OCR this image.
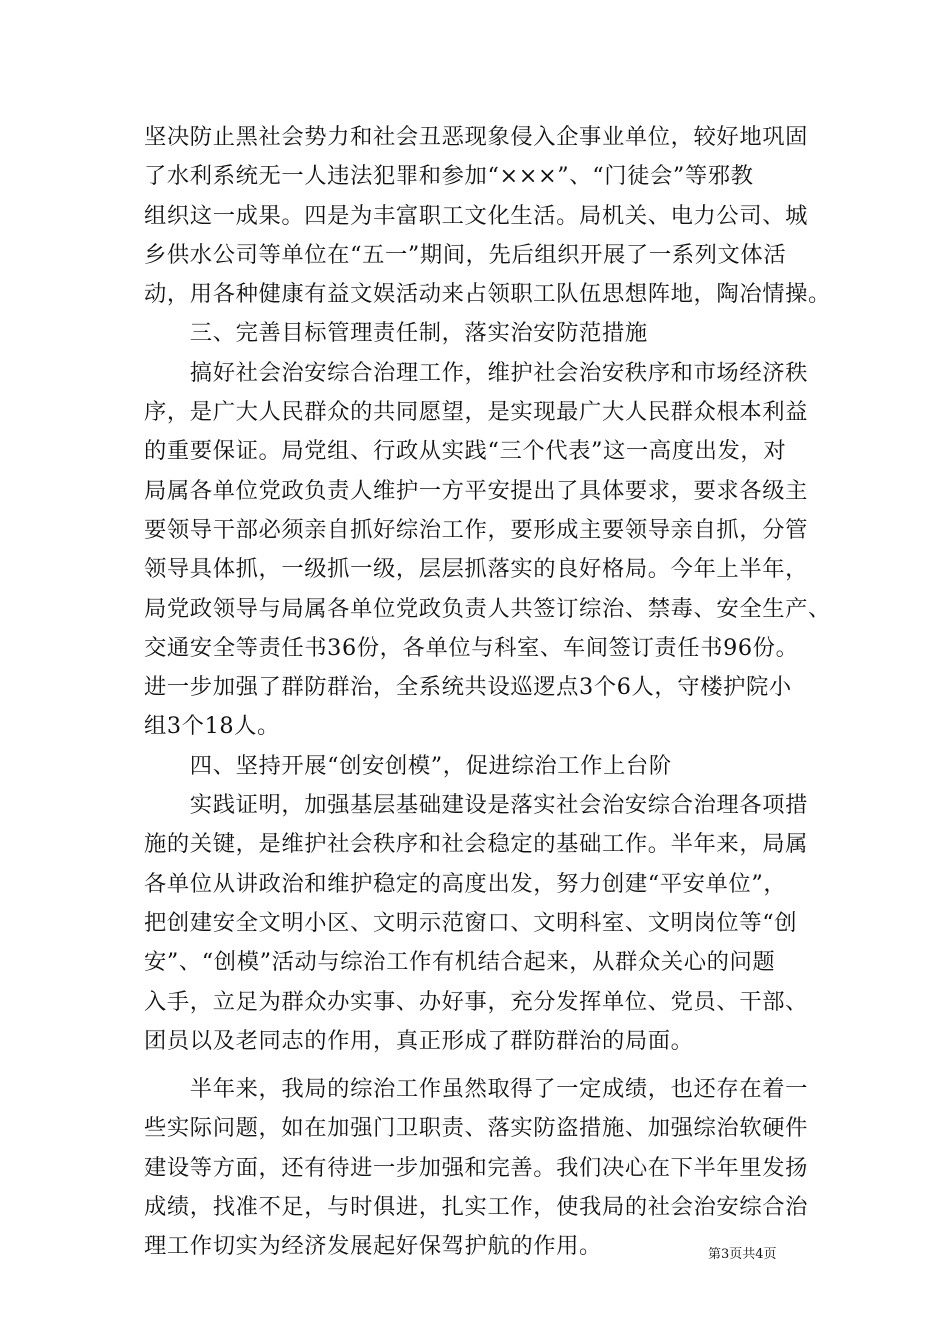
坚决防止黑社会势力和社会丑恶现象侵入企事业单位，较好地巩固
了水利系统无一人违法犯罪和参加“×××”、“门徒会”等邪教
组织这一成果。四是为丰富职工文化生活。局机关、电力公司、城
乡供水公司等单位在“五一”期间，先后组织开展了一系列文体活
动，用各种健康有益文娱活动来占领职工队伍思想阵地，陶冶情操。
　　三、完善目标管理责任制，落实治安防范措施
　　搞好社会治安综合治理工作，维护社会治安秩序和市场经济秩
序，是广大人民群众的共同愿望，是实现最广大人民群众根本利益
的重要保证。局党组、行政从实践“三个代表”这一高度出发，对
局属各单位党政负责人维护一方平安提出了具体要求，要求各级主
要领导干部必须亲自抓好综治工作，要形成主要领导亲自抓，分管
领导具体抓，一级抓一级，层层抓落实的良好格局。今年上半年，
局党政领导与局属各单位党政负责人共签订综治、禁毒、安全生产、
交通安全等责任书36份，各单位与科室、车间签订责任书96份。
进一步加强了群防群治，全系统共设巡逻点3个6人，守楼护院小
组3个18人。
　　四、坚持开展“创安创模”，促进综治工作上台阶
　　实践证明，加强基层基础建设是落实社会治安综合治理各项措
施的关键，是维护社会秩序和社会稳定的基础工作。半年来，局属
各单位从讲政治和维护稳定的高度出发，努力创建“平安单位”，
把创建安全文明小区、文明示范窗口、文明科室、文明岗位等“创
安”、“创模”活动与综治工作有机结合起来，从群众关心的问题
入手，立足为群众办实事、办好事，充分发挥单位、党员、干部、
团员以及老同志的作用，真正形成了群防群治的局面。
　　半年来，我局的综治工作虽然取得了一定成绩，也还存在着一
些实际问题，如在加强门卫职责、落实防盗措施、加强综治软硬件
建设等方面，还有待进一步加强和完善。我们决心在下半年里发扬
成绩，找准不足，与时俱进，扎实工作，使我局的社会治安综合治
理工作切实为经济发展起好保驾护航的作用。	第3页共4页
